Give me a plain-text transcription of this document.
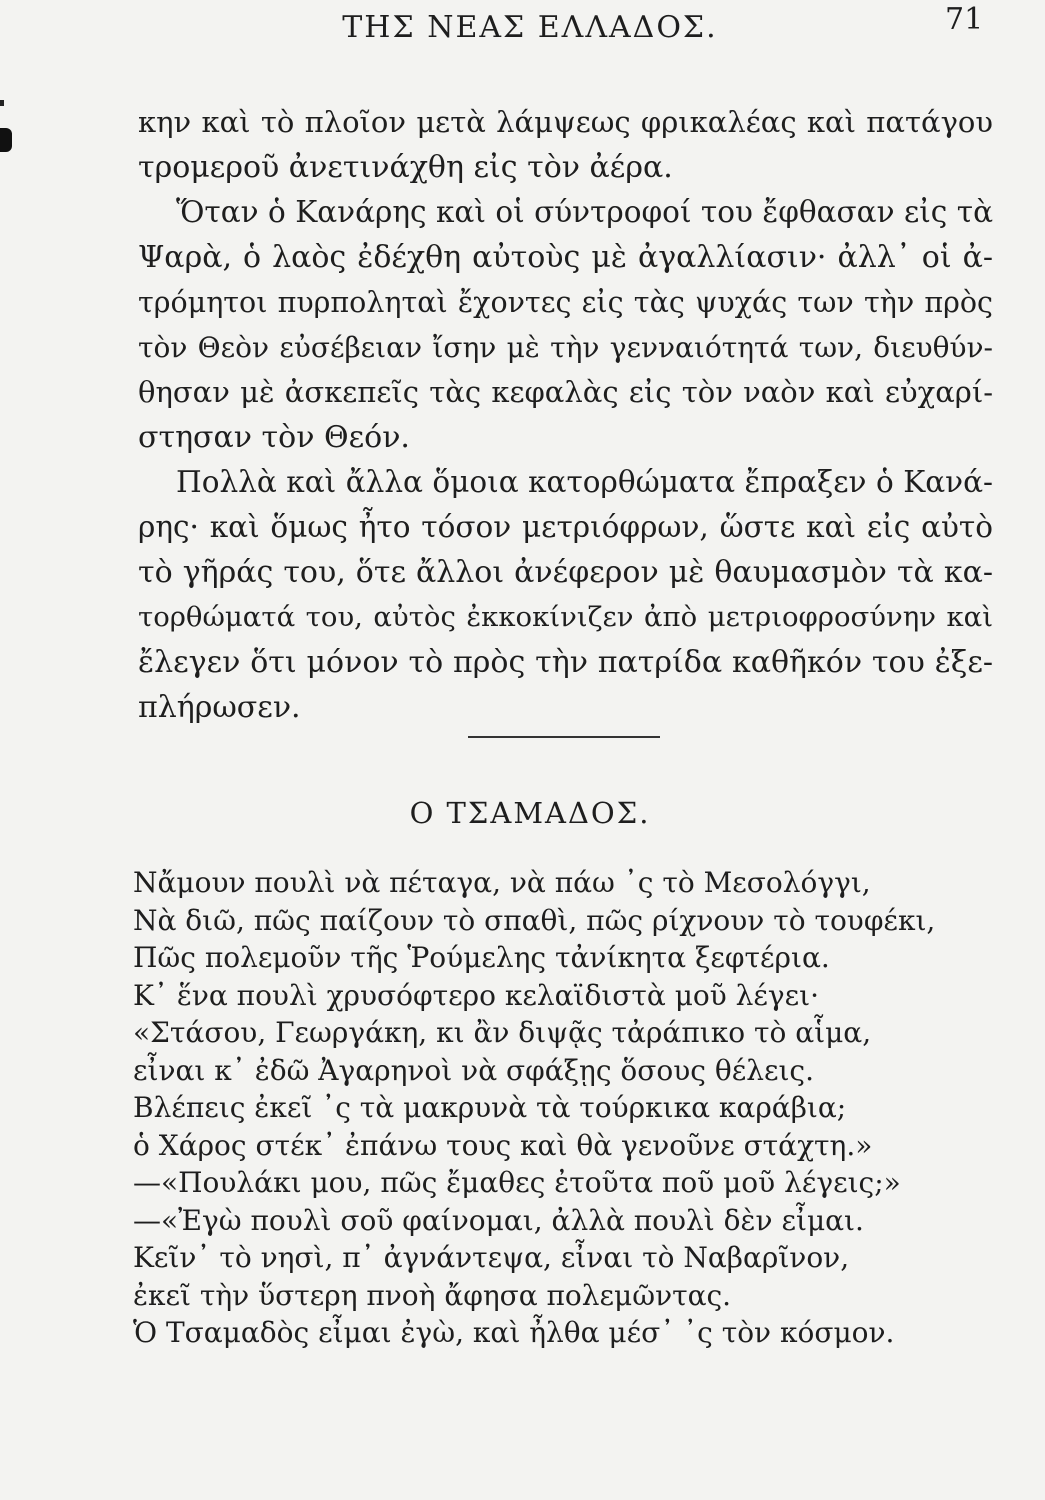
ΤΗΣ ΝΕΑΣ ΕΛΛΑΔΟΣ.	71
κην καὶ τὸ πλοῖον μετὰ λάμψεως φρικαλέας καὶ πατάγου
τρομεροῦ ἀνετινάχθη εἰς τὸν ἀέρα.
Ὅταν ὁ Κανάρης καὶ οἱ σύντροφοί του ἔφθασαν εἰς τὰ
Ψαρὰ, ὁ λαὸς ἐδέχθη αὐτοὺς μὲ ἀγαλλίασιν· ἀλλ᾽ οἱ ἀ-
τρόμητοι πυρποληταὶ ἔχοντες εἰς τὰς ψυχάς των τὴν πρὸς
τὸν Θεὸν εὐσέβειαν ἴσην μὲ τὴν γενναιότητά των, διευθύν-
θησαν μὲ ἀσκεπεῖς τὰς κεφαλὰς εἰς τὸν ναὸν καὶ εὐχαρί-
στησαν τὸν Θεόν.
Πολλὰ καὶ ἄλλα ὅμοια κατορθώματα ἔπραξεν ὁ Κανά-
ρης· καὶ ὅμως ἦτο τόσον μετριόφρων, ὥστε καὶ εἰς αὐτὸ
τὸ γῆράς του, ὅτε ἄλλοι ἀνέφερον μὲ θαυμασμὸν τὰ κα-
τορθώματά του, αὐτὸς ἐκκοκίνιζεν ἀπὸ μετριοφροσύνην καὶ
ἔλεγεν ὅτι μόνον τὸ πρὸς τὴν πατρίδα καθῆκόν του ἐξε-
πλήρωσεν.
Ο ΤΣΑΜΑΔΟΣ.
Νἄμουν πουλὶ νὰ πέταγα, νὰ πάω ᾽ς τὸ Μεσολόγγι,
Νὰ διῶ, πῶς παίζουν τὸ σπαθὶ, πῶς ρίχνουν τὸ τουφέκι,
Πῶς πολεμοῦν τῆς Ῥούμελης τἀνίκητα ξεφτέρια.
Κ᾽ ἕνα πουλὶ χρυσόφτερο κελαϊδιστὰ μοῦ λέγει·
«Στάσου, Γεωργάκη, κι ἂν διψᾷς τἀράπικο τὸ αἷμα,
εἶναι κ᾽ ἐδῶ Ἀγαρηνοὶ νὰ σφάξῃς ὅσους θέλεις.
Βλέπεις ἐκεῖ ᾽ς τὰ μακρυνὰ τὰ τούρκικα καράβια;
ὁ Χάρος στέκ᾽ ἐπάνω τους καὶ θὰ γενοῦνε στάχτη.»
—«Πουλάκι μου, πῶς ἔμαθες ἐτοῦτα ποῦ μοῦ λέγεις;»
—«Ἐγὼ πουλὶ σοῦ φαίνομαι, ἀλλὰ πουλὶ δὲν εἶμαι.
Κεῖν᾽ τὸ νησὶ, π᾽ ἀγνάντεψα, εἶναι τὸ Ναβαρῖνον,
ἐκεῖ τὴν ὕστερη πνοὴ ἄφησα πολεμῶντας.
Ὁ Τσαμαδὸς εἶμαι ἐγὼ, καὶ ἦλθα μέσ᾽ ᾽ς τὸν κόσμον.
